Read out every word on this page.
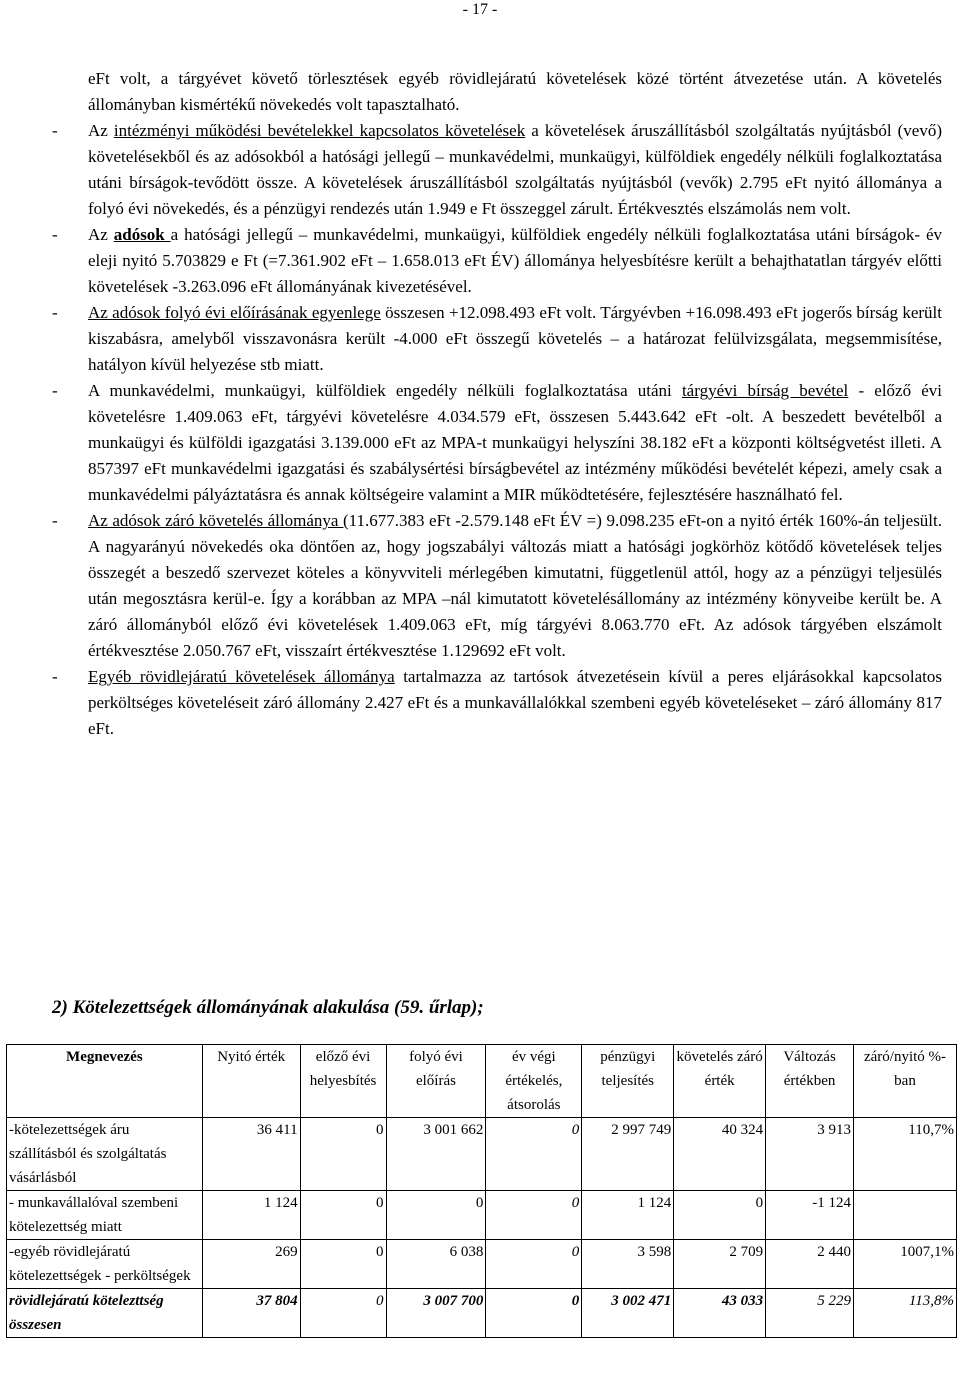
- 17 -

eFt volt, a tárgyévet követő törlesztések egyéb rövidlejáratú követelések közé történt átvezetése után. A követelés állományban kismértékű növekedés volt tapasztalható.

- Az intézményi működési bevételekkel kapcsolatos követelések a követelések áruszállításból szolgáltatás nyújtásból (vevő) követelésekből és az adósokból a hatósági jellegű – munkavédelmi, munkaügyi, külföldiek engedély nélküli foglalkoztatása utáni bírságok-tevődött össze. A követelések áruszállításból szolgáltatás nyújtásból (vevők) 2.795 eFt nyitó állománya a folyó évi növekedés, és a pénzügyi rendezés után 1.949 e Ft összeggel zárult. Értékvesztés elszámolás nem volt.

- Az adósok a hatósági jellegű – munkavédelmi, munkaügyi, külföldiek engedély nélküli foglalkoztatása utáni bírságok- év eleji nyitó 5.703829 e Ft (=7.361.902 eFt – 1.658.013 eFt ÉV) állománya helyesbítésre került a behajthatatlan tárgyév előtti követelések -3.263.096 eFt állományának kivezetésével.

- Az adósok folyó évi előírásának egyenlege összesen +12.098.493 eFt volt. Tárgyévben +16.098.493 eFt jogerős bírság került kiszabásra, amelyből visszavonásra került -4.000 eFt összegű követelés – a határozat felülvizsgálata, megsemmisítése, hatályon kívül helyezése stb miatt.

- A munkavédelmi, munkaügyi, külföldiek engedély nélküli foglalkoztatása utáni tárgyévi bírság bevétel - előző évi követelésre 1.409.063 eFt, tárgyévi követelésre 4.034.579 eFt, összesen 5.443.642 eFt -olt. A beszedett bevételből a munkaügyi és külföldi igazgatási 3.139.000 eFt az MPA-t munkaügyi helyszíni 38.182 eFt a központi költségvetést illeti. A 857397 eFt munkavédelmi igazgatási és szabálysértési bírságbevétel az intézmény működési bevételét képezi, amely csak a munkavédelmi pályáztatásra és annak költségeire valamint a MIR működtetésére, fejlesztésére használható fel.

- Az adósok záró követelés állománya (11.677.383 eFt -2.579.148 eFt ÉV =) 9.098.235 eFt-on a nyitó érték 160%-án teljesült. A nagyarányú növekedés oka döntően az, hogy jogszabályi változás miatt a hatósági jogkörhöz kötődő követelések teljes összegét a beszedő szervezet köteles a könyvviteli mérlegében kimutatni, függetlenül attól, hogy az a pénzügyi teljesülés után megosztásra kerül-e. Így a korábban az MPA –nál kimutatott követelésállomány az intézmény könyveibe került be. A záró állományból előző évi követelések 1.409.063 eFt, míg tárgyévi 8.063.770 eFt. Az adósok tárgyében elszámolt értékvesztése 2.050.767 eFt, visszaírt értékvesztése 1.129692 eFt volt.

- Egyéb rövidlejáratú követelések állománya tartalmazza az tartósok átvezetésein kívül a peres eljárásokkal kapcsolatos perköltséges követeléseit záró állomány 2.427 eFt és a munkavállalókkal szembeni egyéb követeléseket – záró állomány 817 eFt.

2) Kötelezettségek állományának alakulása (59. űrlap);
Megnevezés	Nyitó érték	előző évi helyesbítés	folyó évi előírás	év végi értékelés, átsorolás	pénzügyi teljesítés	követelés záró érték	Változás értékben	záró/nyitó %-ban
-kötelezettségek áru szállításból és szolgáltatás vásárlásból	36 411	0	3 001 662	0	2 997 749	40 324	3 913	110,7%
- munkavállalóval szembeni kötelezettség miatt	1 124	0	0	0	1 124	0	-1 124	
-egyéb rövidlejáratú kötelezettségek - perköltségek	269	0	6 038	0	3 598	2 709	2 440	1007,1%
rövidlejáratú kötelezttség összesen	37 804	0	3 007 700	0	3 002 471	43 033	5 229	113,8%
